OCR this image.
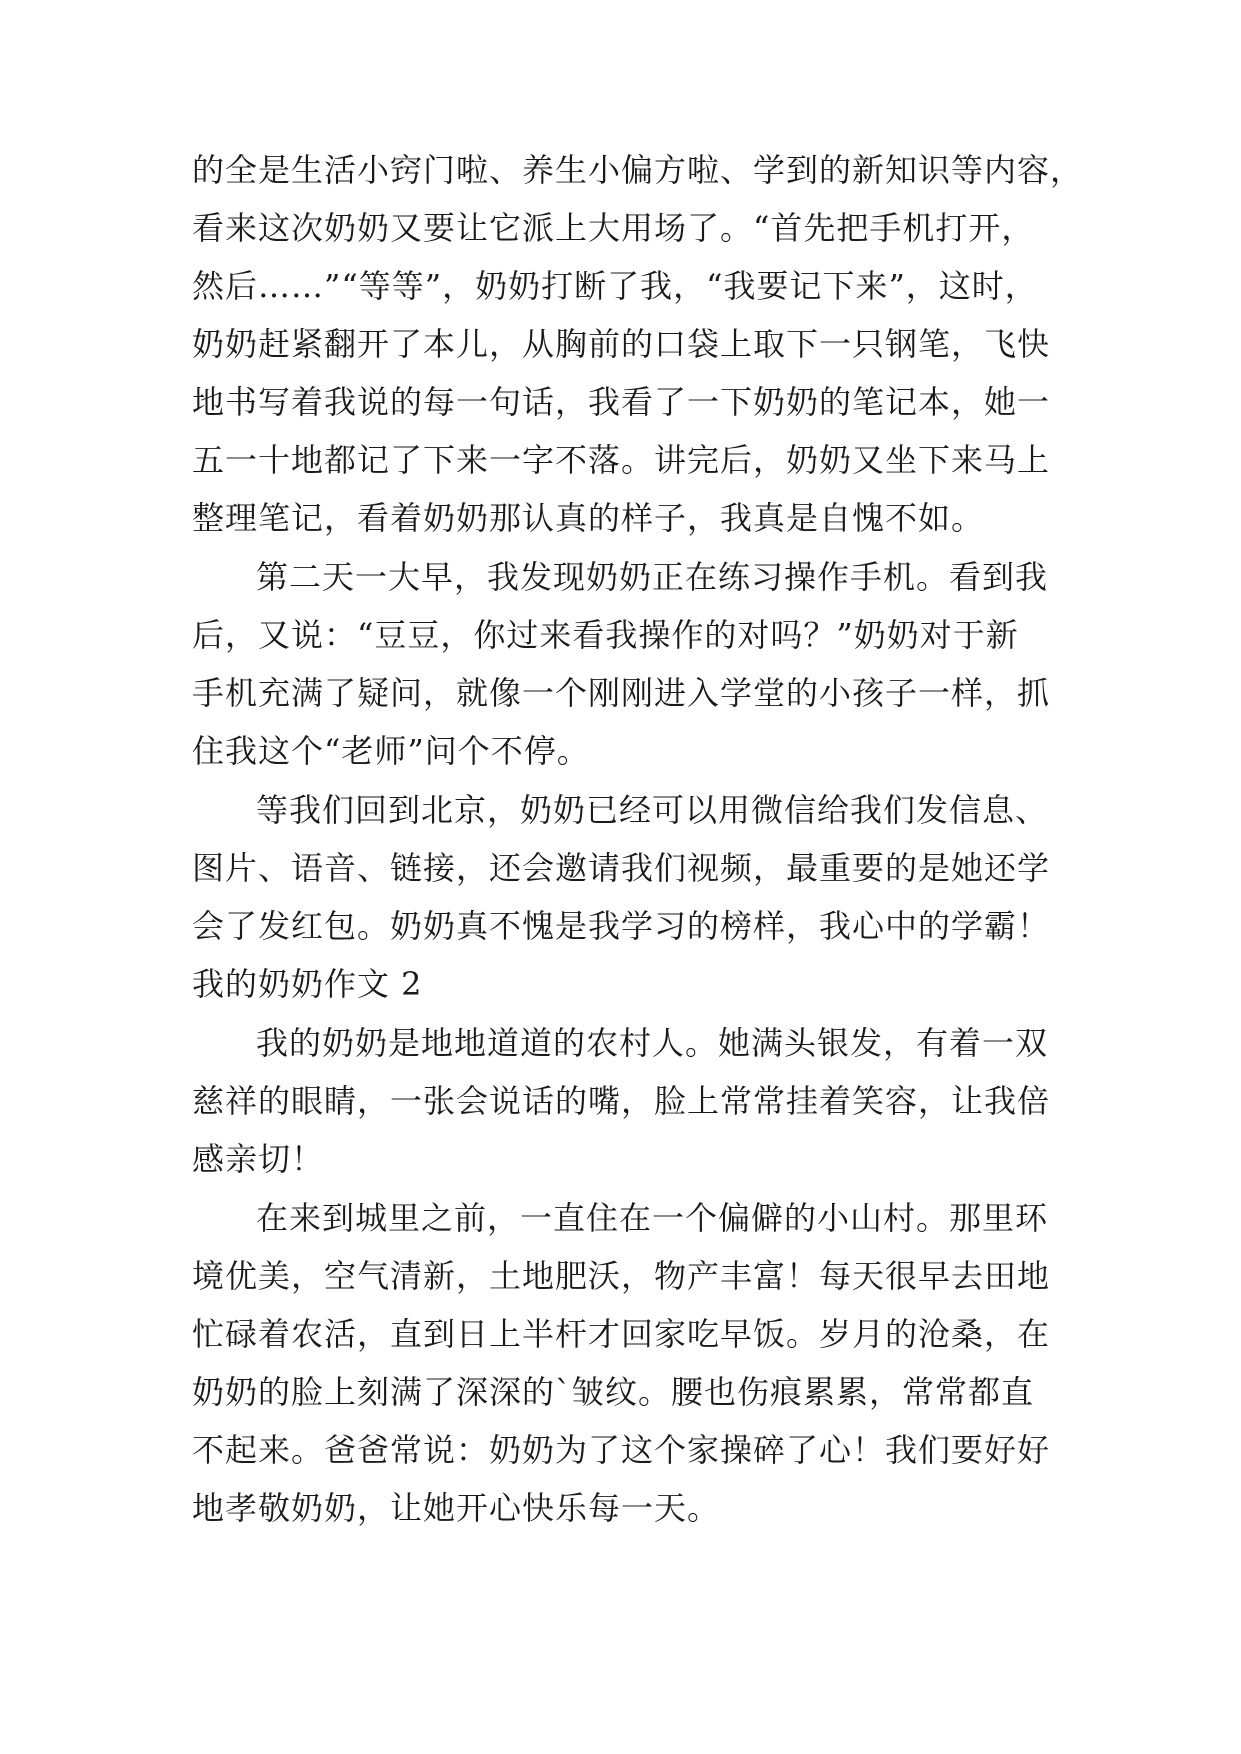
的全是生活小窍门啦、养生小偏方啦、学到的新知识等内容，
看来这次奶奶又要让它派上大用场了。“首先把手机打开，
然后……”“等等”，奶奶打断了我，“我要记下来”，这时，
奶奶赶紧翻开了本儿，从胸前的口袋上取下一只钢笔，飞快
地书写着我说的每一句话，我看了一下奶奶的笔记本，她一
五一十地都记了下来一字不落。讲完后，奶奶又坐下来马上
整理笔记，看着奶奶那认真的样子，我真是自愧不如。
第二天一大早，我发现奶奶正在练习操作手机。看到我
后，又说：“豆豆，你过来看我操作的对吗？”奶奶对于新
手机充满了疑问，就像一个刚刚进入学堂的小孩子一样，抓
住我这个“老师”问个不停。
等我们回到北京，奶奶已经可以用微信给我们发信息、
图片、语音、链接，还会邀请我们视频，最重要的是她还学
会了发红包。奶奶真不愧是我学习的榜样，我心中的学霸！
我的奶奶作文 2
我的奶奶是地地道道的农村人。她满头银发，有着一双
慈祥的眼睛，一张会说话的嘴，脸上常常挂着笑容，让我倍
感亲切！
在来到城里之前，一直住在一个偏僻的小山村。那里环
境优美，空气清新，土地肥沃，物产丰富！每天很早去田地
忙碌着农活，直到日上半杆才回家吃早饭。岁月的沧桑，在
奶奶的脸上刻满了深深的`皱纹。腰也伤痕累累，常常都直
不起来。爸爸常说：奶奶为了这个家操碎了心！我们要好好
地孝敬奶奶，让她开心快乐每一天。
